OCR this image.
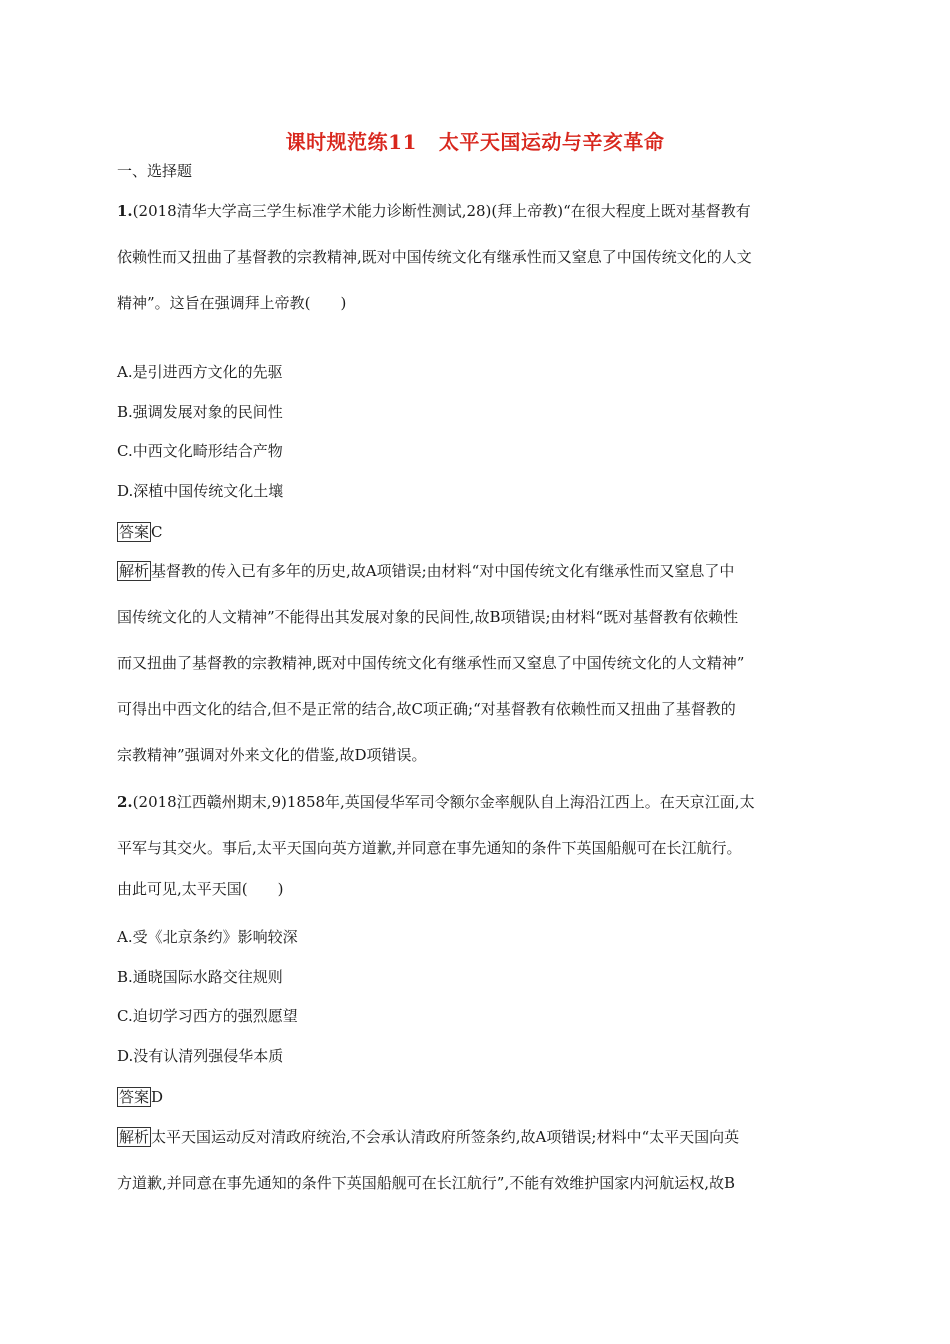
课时规范练11 太平天国运动与辛亥革命
一、选择题
1.(2018清华大学高三学生标准学术能力诊断性测试,28)(拜上帝教)“在很大程度上既对基督教有
依赖性而又扭曲了基督教的宗教精神,既对中国传统文化有继承性而又窒息了中国传统文化的人文
精神”。这旨在强调拜上帝教(　　)
A.是引进西方文化的先驱
B.强调发展对象的民间性
C.中西文化畸形结合产物
D.深植中国传统文化土壤
答案 C
解析 基督教的传入已有多年的历史,故A项错误;由材料“对中国传统文化有继承性而又窒息了中
国传统文化的人文精神”不能得出其发展对象的民间性,故B项错误;由材料“既对基督教有依赖性
而又扭曲了基督教的宗教精神,既对中国传统文化有继承性而又窒息了中国传统文化的人文精神”
可得出中西文化的结合,但不是正常的结合,故C项正确;“对基督教有依赖性而又扭曲了基督教的
宗教精神”强调对外来文化的借鉴,故D项错误。
2.(2018江西赣州期末,9)1858年,英国侵华军司令额尔金率舰队自上海沿江西上。在天京江面,太
平军与其交火。事后,太平天国向英方道歉,并同意在事先通知的条件下英国船舰可在长江航行。
由此可见,太平天国(　　)
A.受《北京条约》影响较深
B.通晓国际水路交往规则
C.迫切学习西方的强烈愿望
D.没有认清列强侵华本质
答案 D
解析 太平天国运动反对清政府统治,不会承认清政府所签条约,故A项错误;材料中“太平天国向英
方道歉,并同意在事先通知的条件下英国船舰可在长江航行”,不能有效维护国家内河航运权,故B
